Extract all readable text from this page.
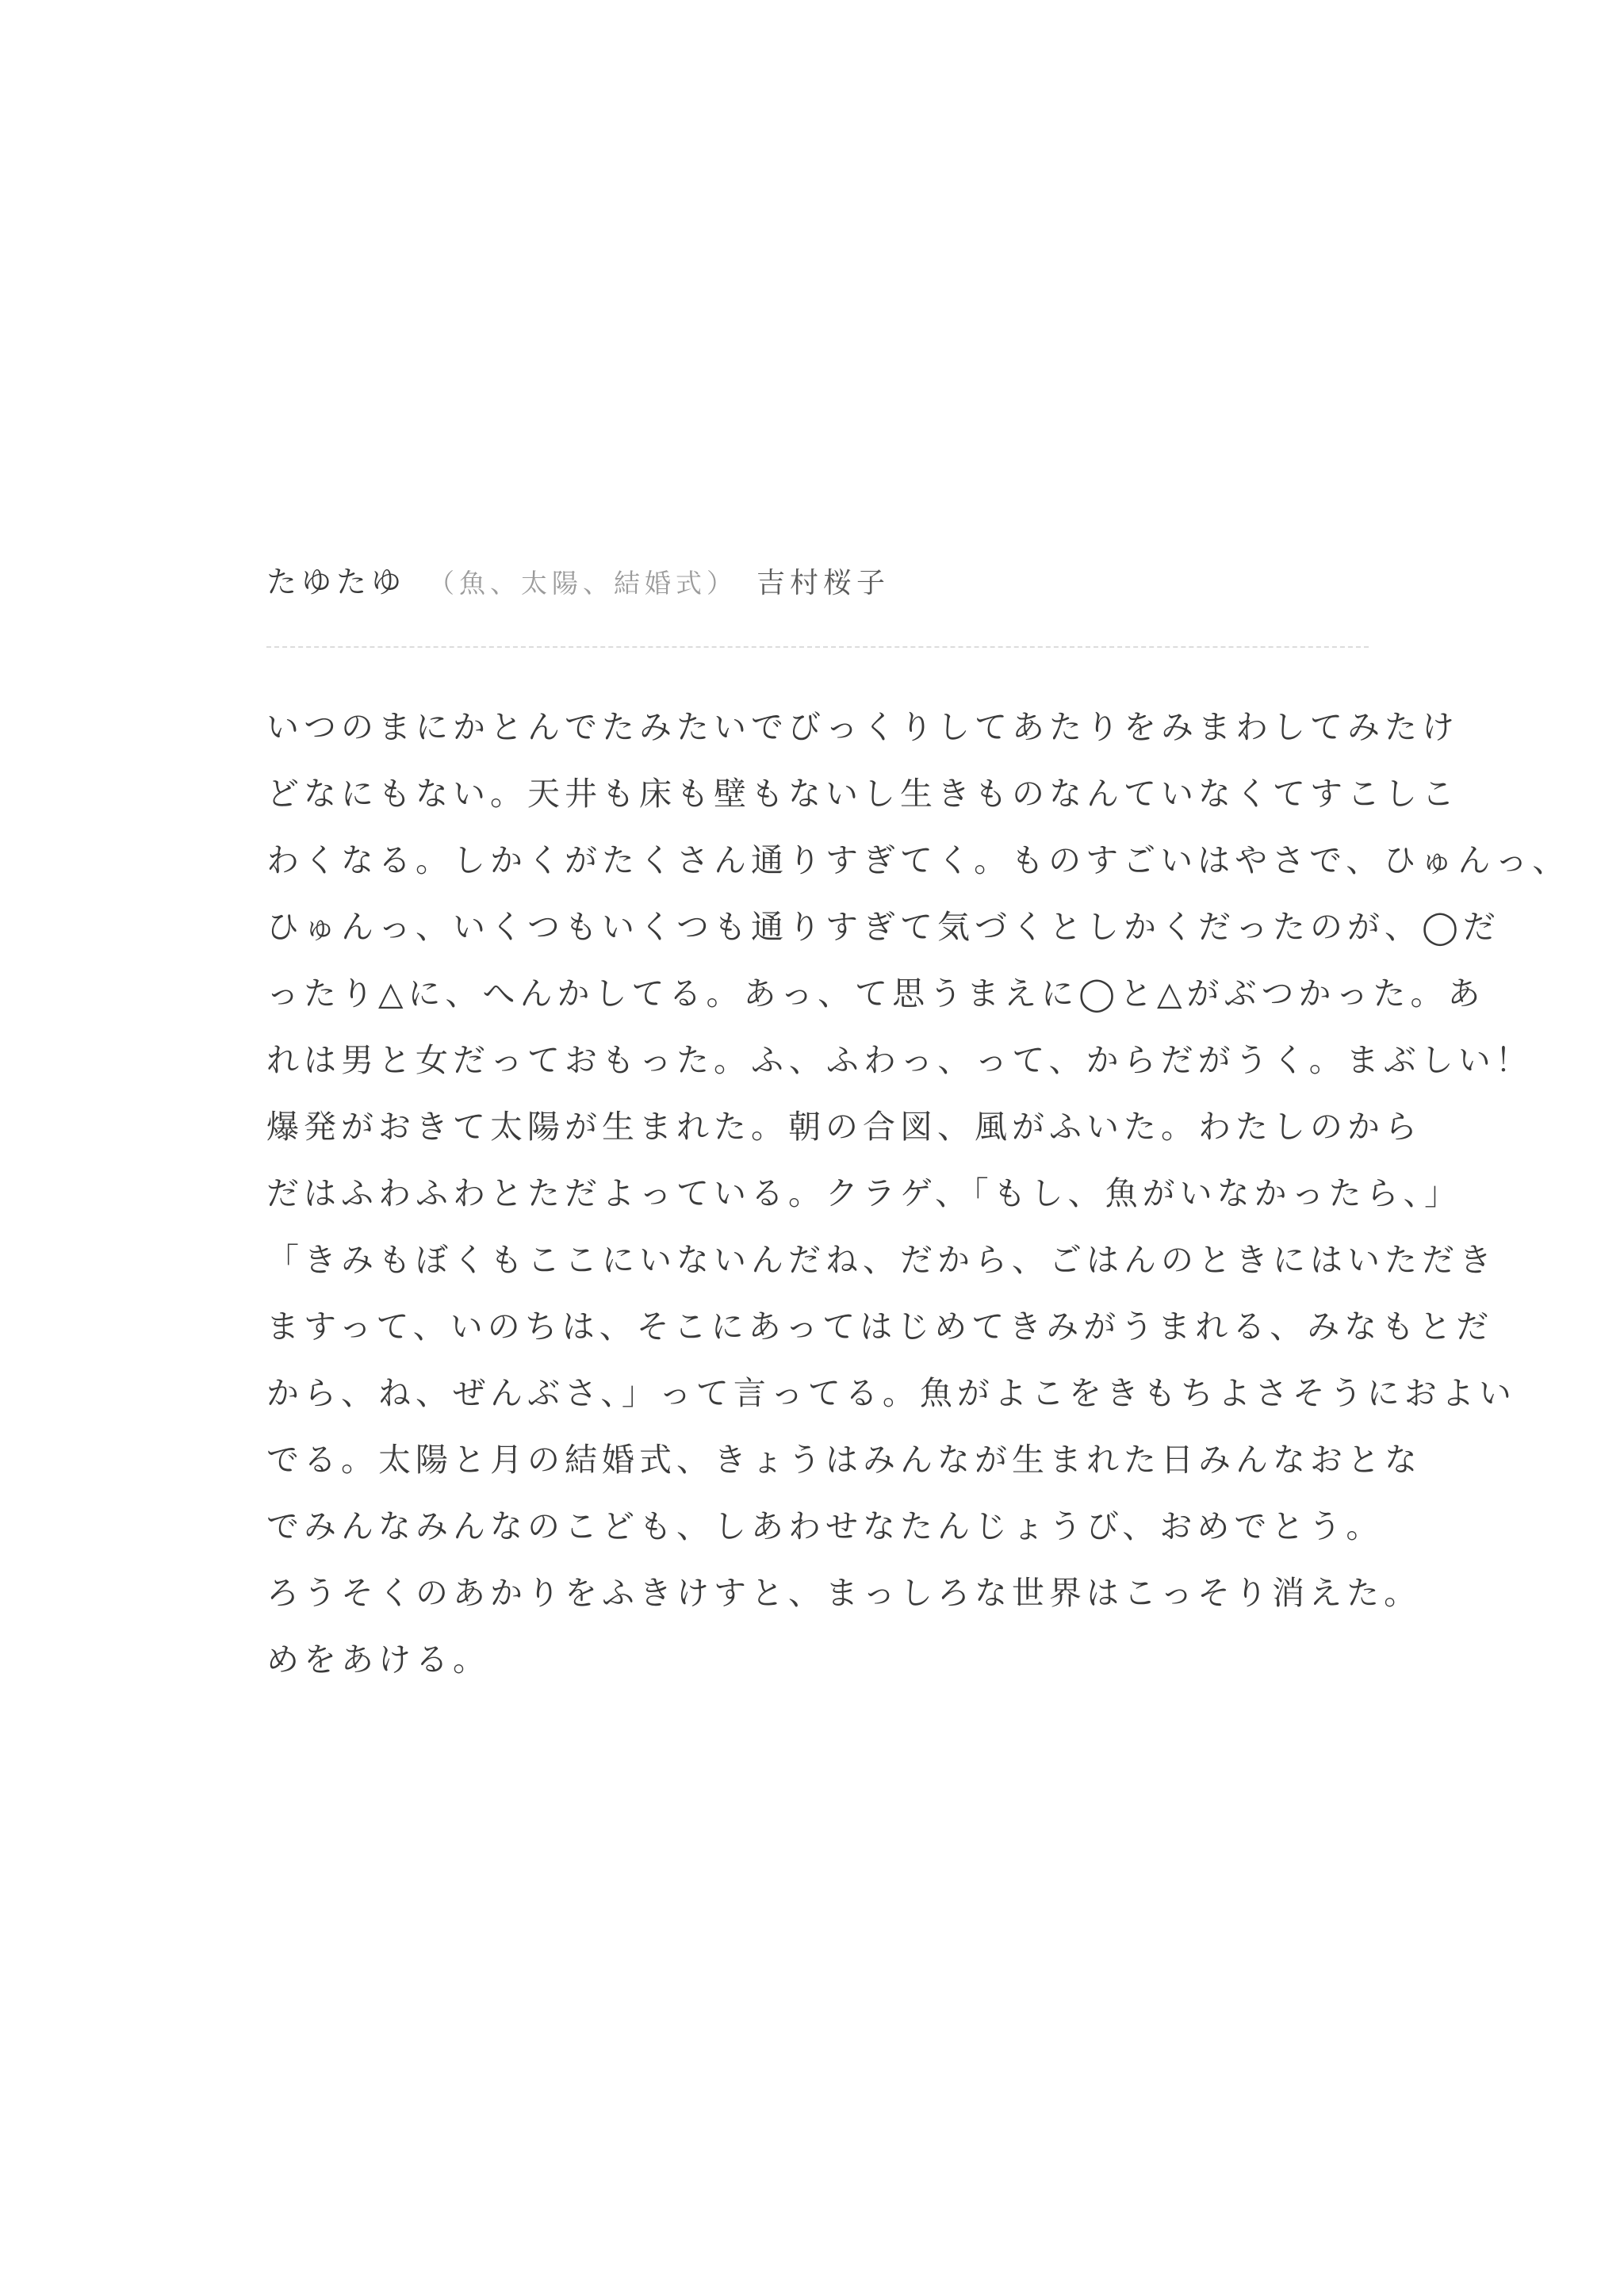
たゆたゆ （魚、太陽、結婚式） 吉村桜子
いつのまにかとんでたみたいでびっくりしてあたりをみまわしてみたけ
どなにもない。天井も床も壁もないし生きものなんていなくてすこしこ
わくなる。しかくがたくさん通りすぎてく。ものすごいはやさで、ひゅんっ、
ひゅんっ、いくつもいくつも通りすぎて気づくとしかくだったのが、◯だ
ったり△に、へんかしてる。あっ、て思うまえに◯と△がぶつかった。あ
れは男と女だっておもった。ふ、ふわっ、って、からだがうく。まぶしい！
爆発がおきて太陽が生まれた。朝の合図、風がふいた。わたしのから
だはふわふわとただよっている。クラゲ、「もし、魚がいなかったら、」
「きみもぼくもここにいないんだね、だから、ごはんのときにはいただき
ますって、いのちは、そこにあってはじめてきみがうまれる、みなもとだ
から、ね、ぜんぶさ、」って言ってる。魚がよこをきもちよさそうにおよい
でる。太陽と月の結婚式、きょうはみんなが生まれた日みんなおとな
でみんなみんなのこども、しあわせなたんじょうび、おめでとう。
ろうそくのあかりをふきけすと、まっしろな世界はこっそり消えた。
めをあける。
